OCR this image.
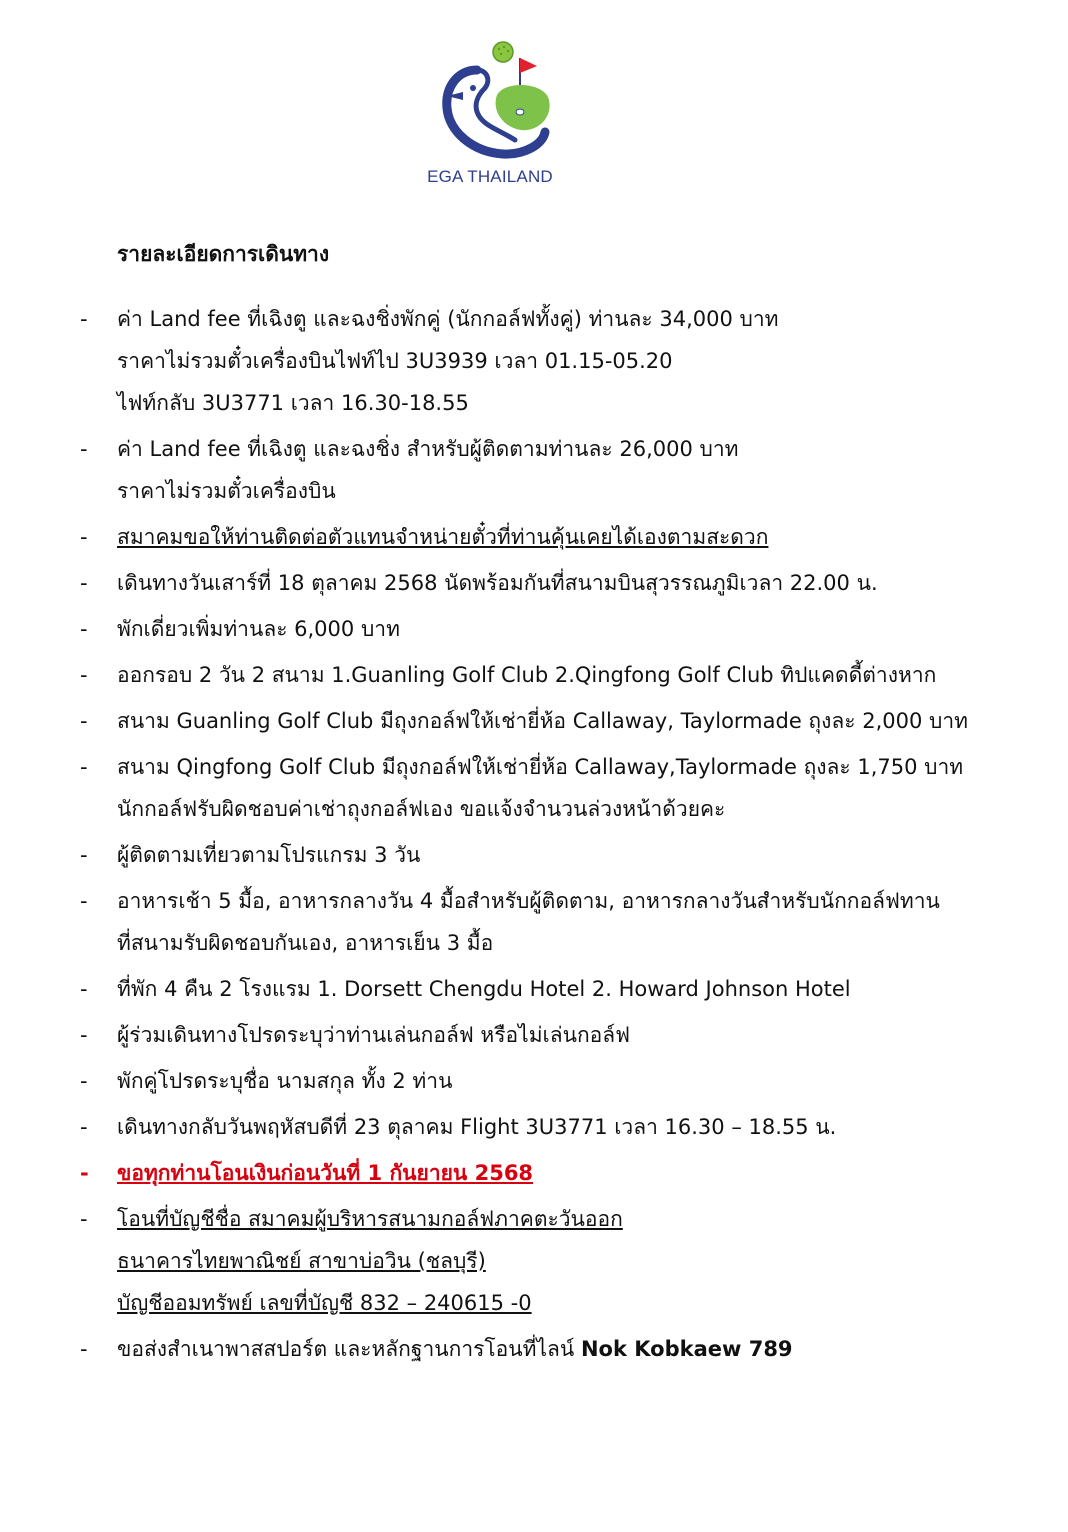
EGA THAILAND
รายละเอียดการเดินทาง
- ค่า Land fee ที่เฉิงตู และฉงชิ่งพักคู่ (นักกอล์ฟทั้งคู่) ท่านละ 34,000 บาท
ราคาไม่รวมตั๋วเครื่องบินไฟท์ไป 3U3939 เวลา 01.15-05.20
ไฟท์กลับ 3U3771 เวลา 16.30-18.55
- ค่า Land fee ที่เฉิงตู และฉงชิ่ง สำหรับผู้ติดตามท่านละ 26,000 บาท
ราคาไม่รวมตั๋วเครื่องบิน
- สมาคมขอให้ท่านติดต่อตัวแทนจำหน่ายตั๋วที่ท่านคุ้นเคยได้เองตามสะดวก
- เดินทางวันเสาร์ที่ 18 ตุลาคม 2568 นัดพร้อมกันที่สนามบินสุวรรณภูมิเวลา 22.00 น.
- พักเดี่ยวเพิ่มท่านละ 6,000 บาท
- ออกรอบ 2 วัน 2 สนาม 1.Guanling Golf Club 2.Qingfong Golf Club ทิปแคดดี้ต่างหาก
- สนาม Guanling Golf Club มีถุงกอล์ฟให้เช่ายี่ห้อ Callaway, Taylormade ถุงละ 2,000 บาท
- สนาม Qingfong Golf Club มีถุงกอล์ฟให้เช่ายี่ห้อ Callaway,Taylormade ถุงละ 1,750 บาท
นักกอล์ฟรับผิดชอบค่าเช่าถุงกอล์ฟเอง ขอแจ้งจำนวนล่วงหน้าด้วยคะ
- ผู้ติดตามเที่ยวตามโปรแกรม 3 วัน
- อาหารเช้า 5 มื้อ, อาหารกลางวัน 4 มื้อสำหรับผู้ติดตาม, อาหารกลางวันสำหรับนักกอล์ฟทาน
ที่สนามรับผิดชอบกันเอง, อาหารเย็น 3 มื้อ
- ที่พัก 4 คืน 2 โรงแรม 1. Dorsett Chengdu Hotel 2. Howard Johnson Hotel
- ผู้ร่วมเดินทางโปรดระบุว่าท่านเล่นกอล์ฟ หรือไม่เล่นกอล์ฟ
- พักคู่โปรดระบุชื่อ นามสกุล ทั้ง 2 ท่าน
- เดินทางกลับวันพฤหัสบดีที่ 23 ตุลาคม Flight 3U3771 เวลา 16.30 – 18.55 น.
- ขอทุกท่านโอนเงินก่อนวันที่ 1 กันยายน 2568
- โอนที่บัญชีชื่อ สมาคมผู้บริหารสนามกอล์ฟภาคตะวันออก
ธนาคารไทยพาณิชย์ สาขาบ่อวิน (ชลบุรี)
บัญชีออมทรัพย์ เลขที่บัญชี 832 – 240615 -0
- ขอส่งสำเนาพาสสปอร์ต และหลักฐานการโอนที่ไลน์ Nok Kobkaew 789
